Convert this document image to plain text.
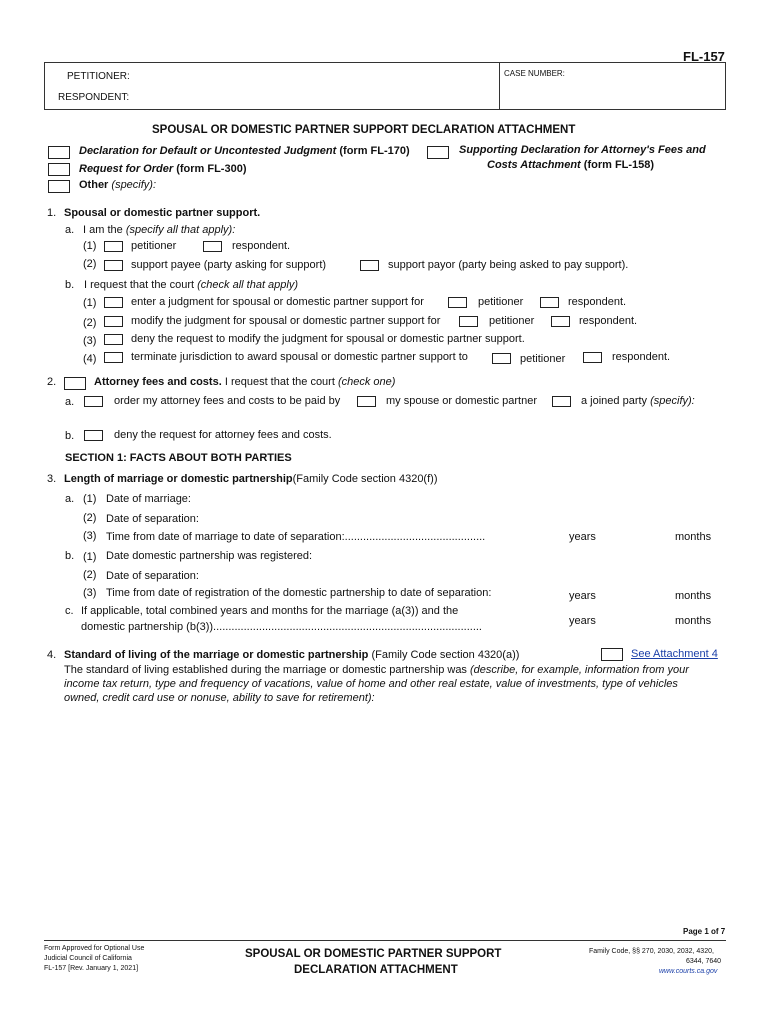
FL-157
PETITIONER:
RESPONDENT:
CASE NUMBER:
SPOUSAL OR DOMESTIC PARTNER SUPPORT DECLARATION ATTACHMENT
Declaration for Default or Uncontested Judgment (form FL-170)	Supporting Declaration for Attorney's Fees and
Costs Attachment (form FL-158)
Request for Order (form FL-300)
Other (specify):
1. Spousal or domestic partner support.
a. I am the (specify all that apply):
(1)	petitioner	respondent.
(2)	support payee (party asking for support)	support payor (party being asked to pay support).
b. I request that the court (check all that apply)
(1)	enter a judgment for spousal or domestic partner support for	petitioner	respondent.
(2)	modify the judgment for spousal or domestic partner support for	petitioner	respondent.
(3)	deny the request to modify the judgment for spousal or domestic partner support.
(4)	terminate jurisdiction to award spousal or domestic partner support to	petitioner	respondent.
2.	Attorney fees and costs. I request that the court (check one)
a.	order my attorney fees and costs to be paid by	my spouse or domestic partner	a joined party (specify):
b.	deny the request for attorney fees and costs.
SECTION 1: FACTS ABOUT BOTH PARTIES
3. Length of marriage or domestic partnership(Family Code section 4320(f))
a. (1) Date of marriage:
(2) Date of separation:
(3) Time from date of marriage to date of separation:..............................................	years	months
b. (1) Date domestic partnership was registered:
(2) Date of separation:
(3) Time from date of registration of the domestic partnership to date of separation:	years	months
c. If applicable, total combined years and months for the marriage (a(3)) and the
domestic partnership (b(3))........................................................................................	years	months
4. Standard of living of the marriage or domestic partnership (Family Code section 4320(a))	See Attachment 4
The standard of living established during the marriage or domestic partnership was (describe, for example, information from your
income tax return, type and frequency of vacations, value of home and other real estate, value of investments, type of vehicles
owned, credit card use or nonuse, ability to save for retirement):
Page 1 of 7
Form Approved for Optional Use
Judicial Council of California
FL-157 [Rev. January 1, 2021]
SPOUSAL OR DOMESTIC PARTNER SUPPORT
DECLARATION ATTACHMENT
Family Code, §§ 270, 2030, 2032, 4320,
6344, 7640
www.courts.ca.gov
